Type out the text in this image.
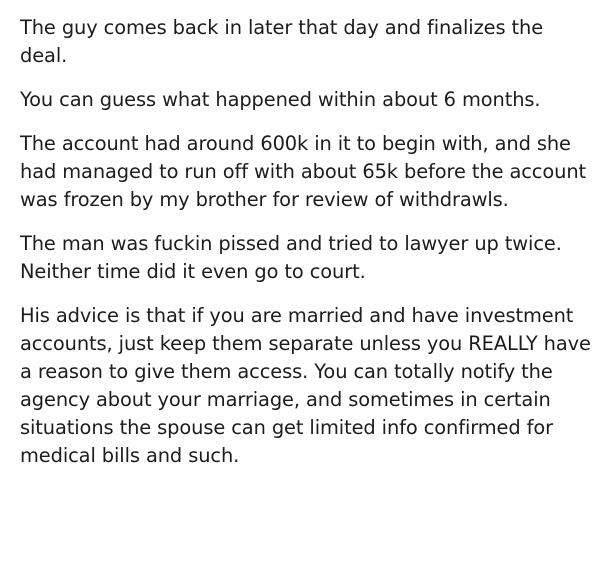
The guy comes back in later that day and finalizes the deal.

You can guess what happened within about 6 months.

The account had around 600k in it to begin with, and she had managed to run off with about 65k before the account was frozen by my brother for review of withdrawls.

The man was fuckin pissed and tried to lawyer up twice. Neither time did it even go to court.

His advice is that if you are married and have investment accounts, just keep them separate unless you REALLY have a reason to give them access. You can totally notify the agency about your marriage, and sometimes in certain situations the spouse can get limited info confirmed for medical bills and such.
